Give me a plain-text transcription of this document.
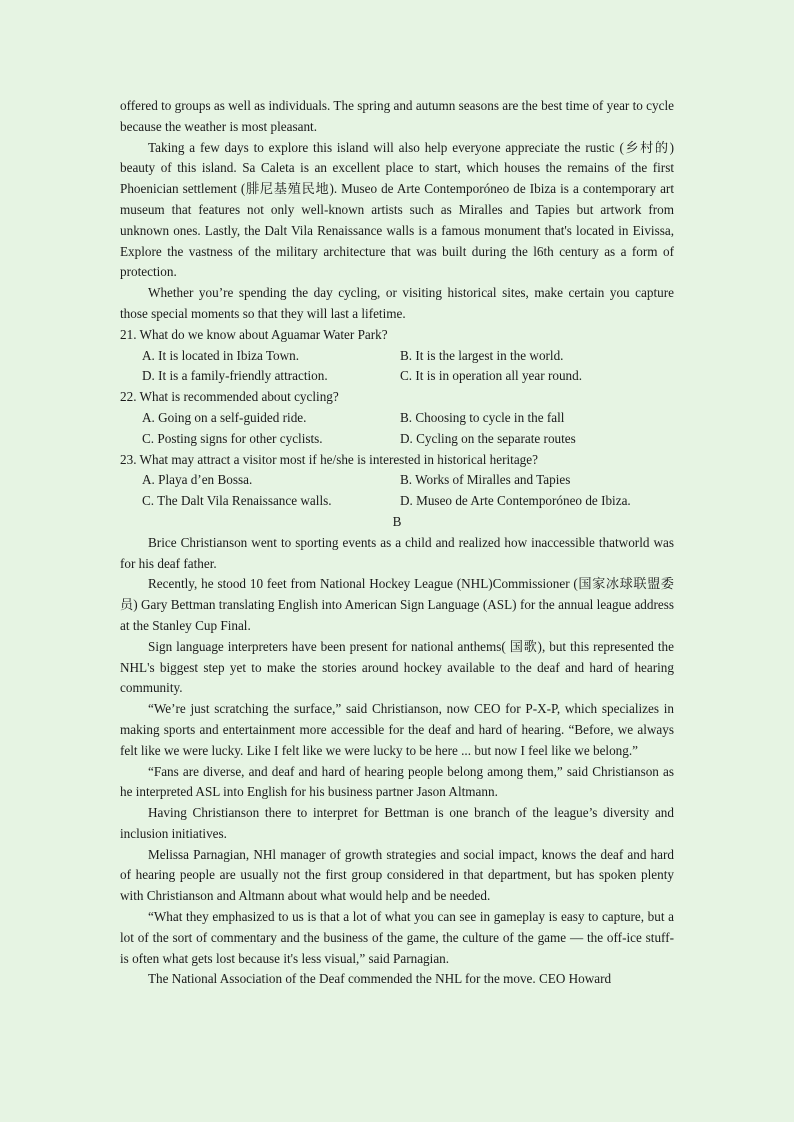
offered to groups as well as individuals. The spring and autumn seasons are the best time of year to cycle because the weather is most pleasant.

Taking a few days to explore this island will also help everyone appreciate the rustic (乡村的) beauty of this island. Sa Caleta is an excellent place to start, which houses the remains of the first Phoenician settlement (腓尼基殖民地). Museo de Arte Contemporóneo de Ibiza is a contemporary art museum that features not only well-known artists such as Miralles and Tapies but artwork from unknown ones. Lastly, the Dalt Vila Renaissance walls is a famous monument that's located in Eivissa, Explore the vastness of the military architecture that was built during the l6th century as a form of protection.

Whether you’re spending the day cycling, or visiting historical sites, make certain you capture those special moments so that they will last a lifetime.

21. What do we know about Aguamar Water Park?

A. It is located in Ibiza Town.	B. It is the largest in the world.
D. It is a family-friendly attraction.	C. It is in operation all year round.

22. What is recommended about cycling?

A. Going on a self-guided ride.	B. Choosing to cycle in the fall
C. Posting signs for other cyclists.	D. Cycling on the separate routes

23. What may attract a visitor most if he/she is interested in historical heritage?

A. Playa d’en Bossa.	B. Works of Miralles and Tapies
C. The Dalt Vila Renaissance walls.	D. Museo de Arte Contemporóneo de Ibiza.

B

Brice Christianson went to sporting events as a child and realized how inaccessible thatworld was for his deaf father.

Recently, he stood 10 feet from National Hockey League (NHL)Commissioner (国家冰球联盟委员) Gary Bettman translating English into American Sign Language (ASL) for the annual league address at the Stanley Cup Final.

Sign language interpreters have been present for national anthems( 国歌), but this represented the NHL's biggest step yet to make the stories around hockey available to the deaf and hard of hearing community.

“We’re just scratching the surface,” said Christianson, now CEO for P-X-P, which specializes in making sports and entertainment more accessible for the deaf and hard of hearing. “Before, we always felt like we were lucky. Like I felt like we were lucky to be here ... but now I feel like we belong.”

“Fans are diverse, and deaf and hard of hearing people belong among them,” said Christianson as he interpreted ASL into English for his business partner Jason Altmann.

Having Christianson there to interpret for Bettman is one branch of the league’s diversity and inclusion initiatives.

Melissa Parnagian, NHl manager of growth strategies and social impact, knows the deaf and hard of hearing people are usually not the first group considered in that department, but has spoken plenty with Christianson and Altmann about what would help and be needed.

“What they emphasized to us is that a lot of what you can see in gameplay is easy to capture, but a lot of the sort of commentary and the business of the game, the culture of the game — the off-ice stuff- is often what gets lost because it's less visual,” said Parnagian.

The National Association of the Deaf commended the NHL for the move. CEO Howard
